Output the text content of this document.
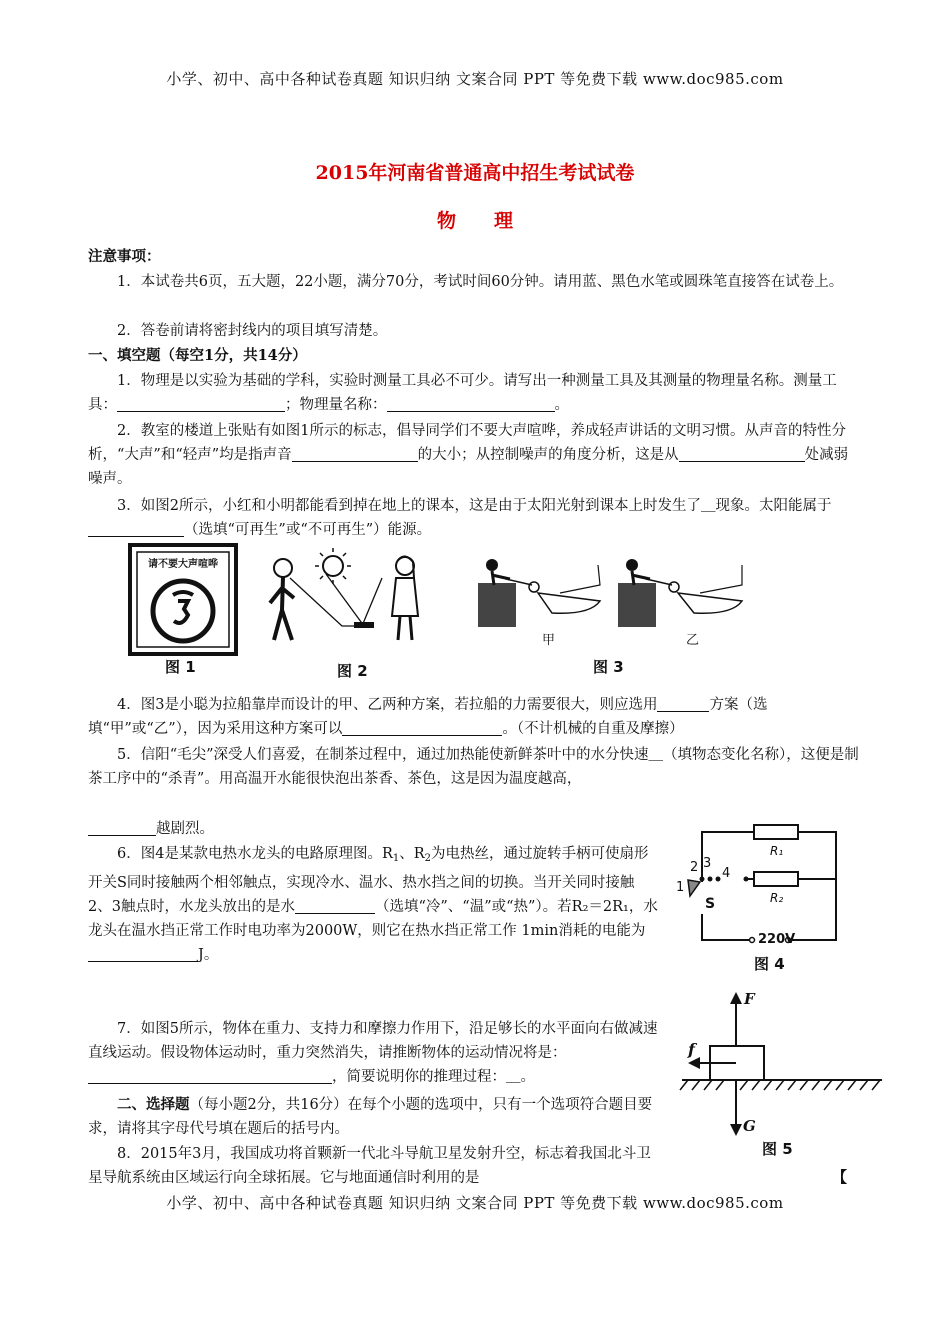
小学、初中、高中各种试卷真题 知识归纳 文案合同 PPT 等免费下载 www.doc985.com
2015年河南省普通高中招生考试试卷
物　　理
注意事项：
1．本试卷共6页，五大题，22小题，满分70分，考试时间60分钟。请用蓝、黑色水笔或圆珠笔直接答在试卷上。
2．答卷前请将密封线内的项目填写清楚。
一、填空题（每空1分，共14分）
1．物理是以实验为基础的学科，实验时测量工具必不可少。请写出一种测量工具及其测量的物理量名称。测量工具：	；物理量名称：	。
2．教室的楼道上张贴有如图1所示的标志，倡导同学们不要大声喧哗，养成轻声讲话的文明习惯。从声音的特性分析，“大声”和“轻声”均是指声音	的大小；从控制噪声的角度分析，这是从	处减弱噪声。
3．如图2所示，小红和小明都能看到掉在地上的课本，这是由于太阳光射到课本上时发生了＿现象。太阳能属于（选填“可再生”或“不可再生”）能源。
请不要大声喧哗
图 1	图 2
甲	乙
图 3
4．图3是小聪为拉船靠岸而设计的甲、乙两种方案，若拉船的力需要很大，则应选用	方案（选填“甲”或“乙”），因为采用这种方案可以	。（不计机械的自重及摩擦）
5．信阳“毛尖”深受人们喜爱，在制茶过程中，通过加热能使新鲜茶叶中的水分快速＿（填物态变化名称），这便是制茶工序中的“杀青”。用高温开水能很快泡出茶香、茶色，这是因为温度越高，
越剧烈。
6．图4是某款电热水龙头的电路原理图。$R_1$、$R_2$为电热丝，通过旋转手柄可使扇形开关S同时接触两个相邻触点，实现冷水、温水、热水挡之间的切换。当开关同时接触2、3触点时，水龙头放出的是水	（选填“冷”、“温”或“热”）。若R₂＝2R₁，水龙头在温水挡正常工作时电功率为2000W，则它在热水挡正常工作 1min消耗的电能为J。
R₁
R₂
1
2 3
4
S
220V
图 4
7．如图5所示，物体在重力、支持力和摩擦力作用下，沿足够长的水平面向右做减速直线运动。假设物体运动时，重力突然消失，请推断物体的运动情况将是：，简要说明你的推理过程：＿。
F
f
G
图 5
二、选择题（每小题2分，共16分）在每个小题的选项中，只有一个选项符合题目要求，请将其字母代号填在题后的括号内。
8．2015年3月，我国成功将首颗新一代北斗导航卫星发射升空，标志着我国北斗卫星导航系统由区域运行向全球拓展。它与地面通信时利用的是	【
小学、初中、高中各种试卷真题 知识归纳 文案合同 PPT 等免费下载 www.doc985.com
